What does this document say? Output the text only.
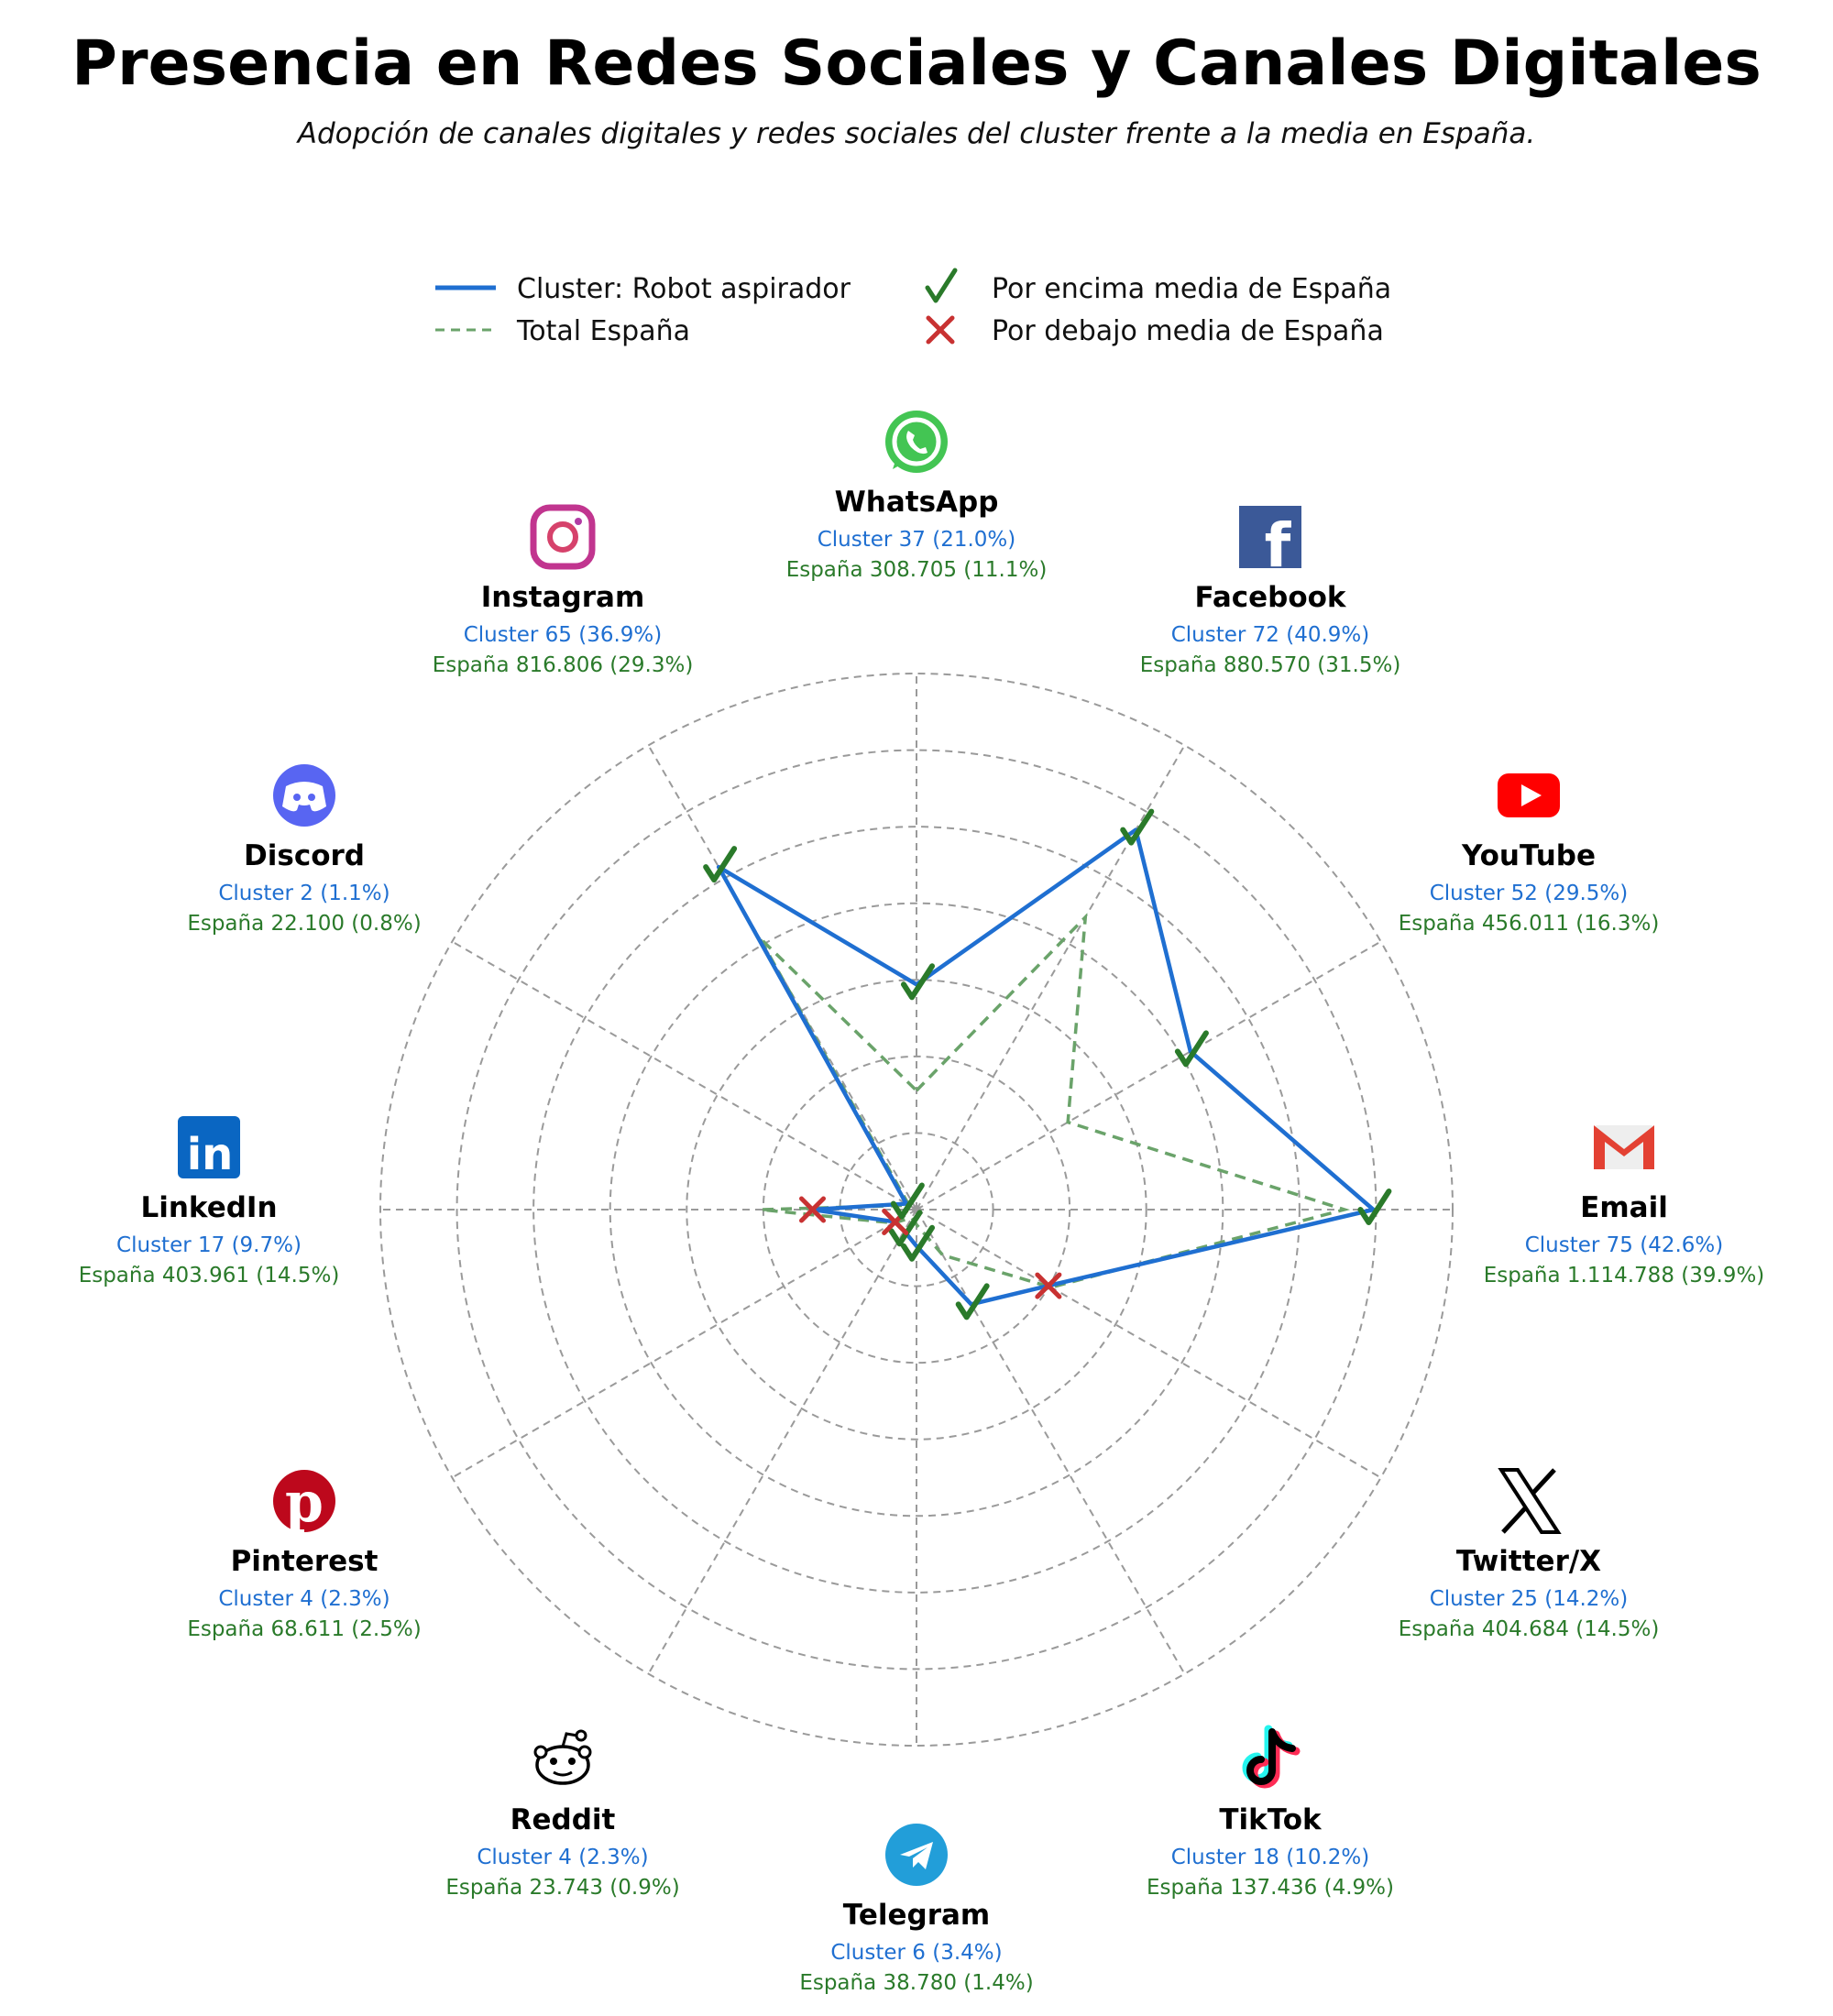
Presencia en Redes Sociales y Canales Digitales
Adopción de canales digitales y redes sociales del cluster frente a la media en España.
WhatsApp
Cluster 37 (21.0%)
España 308.705 (11.1%)	f
Facebook
Cluster 72 (40.9%)
España 880.570 (31.5%)
YouTube
Cluster 52 (29.5%)
España 456.011 (16.3%)
Email
Cluster 75 (42.6%)
España 1.114.788 (39.9%)
Twitter/X
Cluster 25 (14.2%)
España 404.684 (14.5%)
TikTok
Cluster 18 (10.2%)
España 137.436 (4.9%)
Telegram
Cluster 6 (3.4%)
España 38.780 (1.4%)
Reddit
Cluster 4 (2.3%)
España 23.743 (0.9%)
p
Pinterest
Cluster 4 (2.3%)
España 68.611 (2.5%)
in
LinkedIn
Cluster 17 (9.7%)
España 403.961 (14.5%)
Discord
Cluster 2 (1.1%)
España 22.100 (0.8%)
Instagram
Cluster 65 (36.9%)
España 816.806 (29.3%)
Cluster: Robot aspirador
Total España
Por encima media de España
Por debajo media de España
